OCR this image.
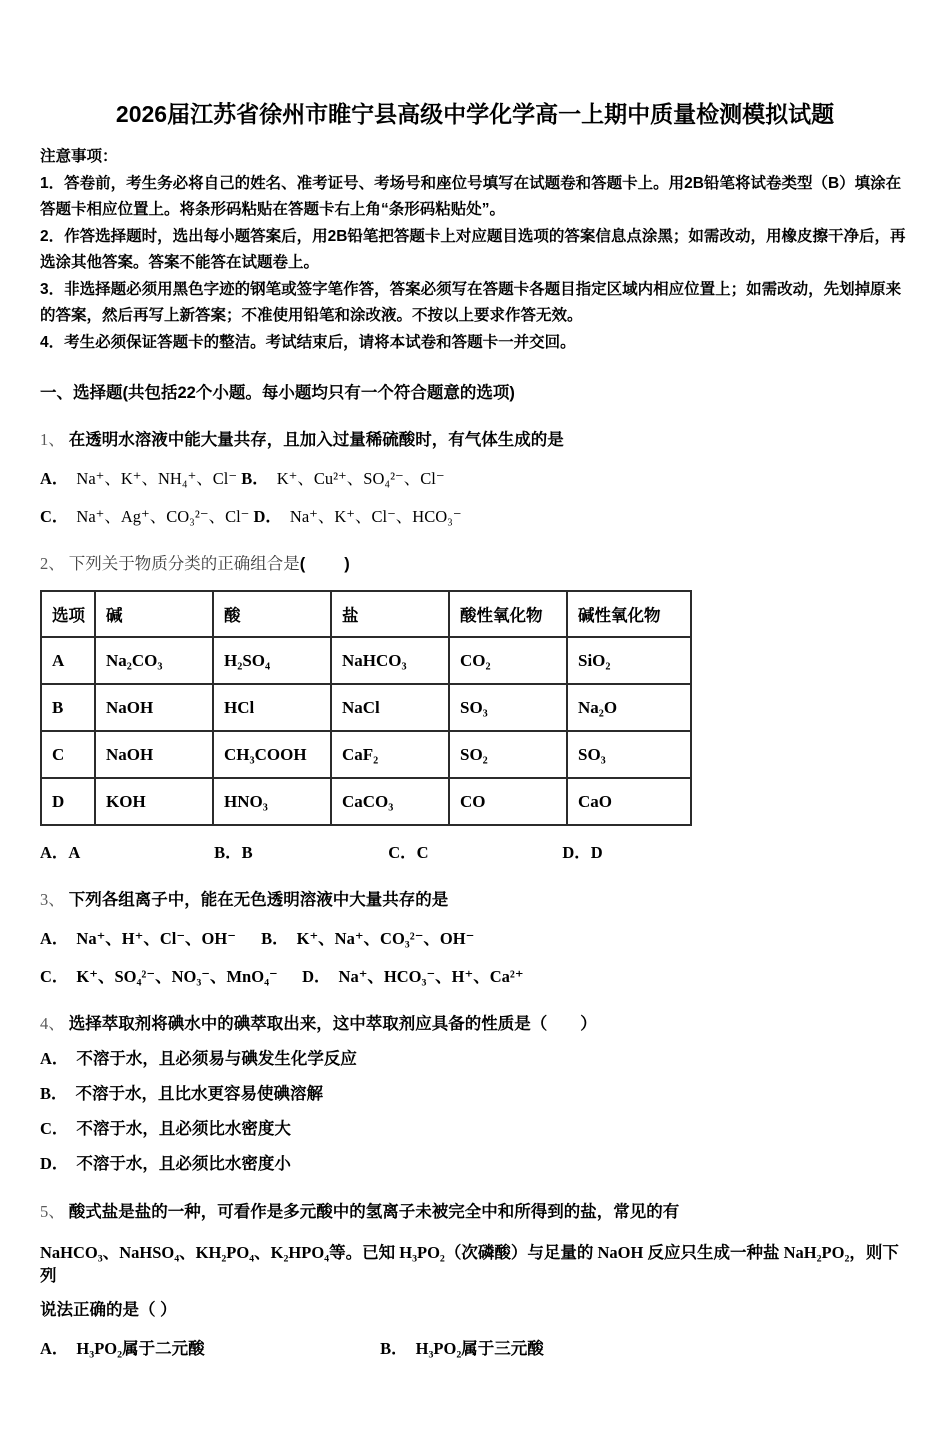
2026届江苏省徐州市睢宁县高级中学化学高一上期中质量检测模拟试题

注意事项：

1．答卷前，考生务必将自己的姓名、准考证号、考场号和座位号填写在试题卷和答题卡上。用2B铅笔将试卷类型（B）填涂在答题卡相应位置上。将条形码粘贴在答题卡右上角“条形码粘贴处”。

2．作答选择题时，选出每小题答案后，用2B铅笔把答题卡上对应题目选项的答案信息点涂黑；如需改动，用橡皮擦干净后，再选涂其他答案。答案不能答在试题卷上。

3．非选择题必须用黑色字迹的钢笔或签字笔作答，答案必须写在答题卡各题目指定区域内相应位置上；如需改动，先划掉原来的答案，然后再写上新答案；不准使用铅笔和涂改液。不按以上要求作答无效。

4．考生必须保证答题卡的整洁。考试结束后，请将本试卷和答题卡一并交回。

一、选择题(共包括22个小题。每小题均只有一个符合题意的选项)

1、 在透明水溶液中能大量共存，且加入过量稀硫酸时，有气体生成的是

A． Na⁺、K⁺、NH₄⁺、Cl⁻ B． K⁺、Cu²⁺、SO₄²⁻、Cl⁻

C． Na⁺、Ag⁺、CO₃²⁻、Cl⁻ D． Na⁺、K⁺、Cl⁻、HCO₃⁻

2、 下列关于物质分类的正确组合是(　　)

选项	碱	酸	盐	酸性氧化物	碱性氧化物
A	Na₂CO₃	H₂SO₄	NaHCO₃	CO₂	SiO₂
B	NaOH	HCl	NaCl	SO₃	Na₂O
C	NaOH	CH₃COOH	CaF₂	SO₂	SO₃
D	KOH	HNO₃	CaCO₃	CO	CaO

A．A	B．B	C．C	D．D

3、 下列各组离子中，能在无色透明溶液中大量共存的是

A． Na⁺、H⁺、Cl⁻、OH⁻ B． K⁺、Na⁺、CO₃²⁻、OH⁻

C． K⁺、SO₄²⁻、NO₃⁻、MnO₄⁻ D． Na⁺、HCO₃⁻、H⁺、Ca²⁺

4、 选择萃取剂将碘水中的碘萃取出来，这中萃取剂应具备的性质是（　　）

A． 不溶于水，且必须易与碘发生化学反应

B． 不溶于水，且比水更容易使碘溶解

C． 不溶于水，且必须比水密度大

D． 不溶于水，且必须比水密度小

5、 酸式盐是盐的一种，可看作是多元酸中的氢离子未被完全中和所得到的盐，常见的有

NaHCO₃、NaHSO₄、KH₂PO₄、K₂HPO₄等。已知 H₃PO₂（次磷酸）与足量的 NaOH 反应只生成一种盐 NaH₂PO₂，则下列

说法正确的是（ ）

A． H₃PO₂属于二元酸	B． H₃PO₂属于三元酸
